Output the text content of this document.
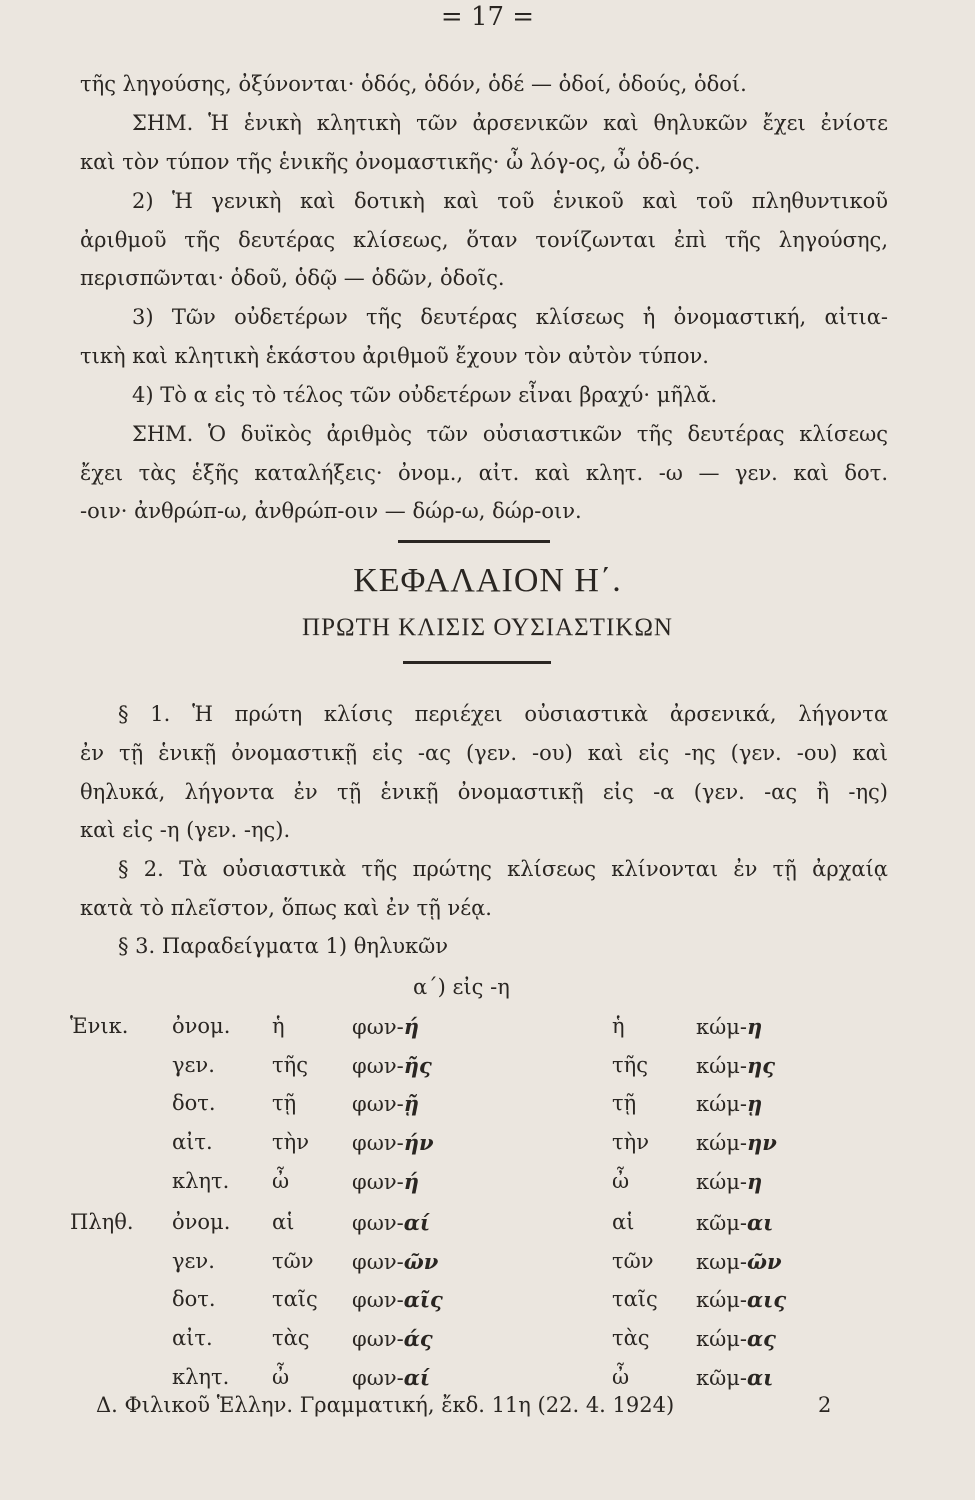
= 17 =
τῆς ληγούσης, ὀξύνονται· ὁδός, ὁδόν, ὁδέ — ὁδοί, ὁδούς, ὁδοί.
ΣΗΜ. Ἡ ἑνικὴ κλητικὴ τῶν ἀρσενικῶν καὶ θηλυκῶν ἔχει ἐνίοτε
καὶ τὸν τύπον τῆς ἑνικῆς ὀνομαστικῆς· ὦ λόγ-ος, ὦ ὁδ-ός.
2) Ἡ γενικὴ καὶ δοτικὴ καὶ τοῦ ἑνικοῦ καὶ τοῦ πληθυντικοῦ
ἀριθμοῦ τῆς δευτέρας κλίσεως, ὅταν τονίζωνται ἐπὶ τῆς ληγούσης,
περισπῶνται· ὁδοῦ, ὁδῷ — ὁδῶν, ὁδοῖς.
3) Τῶν οὐδετέρων τῆς δευτέρας κλίσεως ἡ ὀνομαστική, αἰτια-
τικὴ καὶ κλητικὴ ἑκάστου ἀριθμοῦ ἔχουν τὸν αὐτὸν τύπον.
4) Τὸ α εἰς τὸ τέλος τῶν οὐδετέρων εἶναι βραχύ· μῆλᾰ.
ΣΗΜ. Ὁ δυϊκὸς ἀριθμὸς τῶν οὐσιαστικῶν τῆς δευτέρας κλίσεως
ἔχει τὰς ἑξῆς καταλήξεις· ὀνομ., αἰτ. καὶ κλητ. -ω — γεν. καὶ δοτ.
-οιν· ἀνθρώπ-ω, ἀνθρώπ-οιν — δώρ-ω, δώρ-οιν.
ΚΕΦΑΛΑΙΟΝ Η΄.
ΠΡΩΤΗ ΚΛΙΣΙΣ ΟΥΣΙΑΣΤΙΚΩΝ
§ 1. Ἡ πρώτη κλίσις περιέχει οὐσιαστικὰ ἀρσενικά, λήγοντα
ἐν τῇ ἑνικῇ ὀνομαστικῇ εἰς -ας (γεν. -ου) καὶ εἰς -ης (γεν. -ου) καὶ
θηλυκά, λήγοντα ἐν τῇ ἑνικῇ ὀνομαστικῇ εἰς -α (γεν. -ας ἢ -ης)
καὶ εἰς -η (γεν. -ης).
§ 2. Τὰ οὐσιαστικὰ τῆς πρώτης κλίσεως κλίνονται ἐν τῇ ἀρχαίᾳ
κατὰ τὸ πλεῖστον, ὅπως καὶ ἐν τῇ νέᾳ.
§ 3. Παραδείγματα 1) θηλυκῶν
α΄) εἰς -η
Ἑνικ. ὀνομ. ἡ	φων-ή	ἡ	κώμ-η
γεν.	τῆς φων-ῆς	τῆς κώμ-ης
δοτ.	τῇ	φων-ῇ	τῇ	κώμ-ῃ
αἰτ.	τὴν φων-ήν	τὴν κώμ-ην
κλητ. ὦ	φων-ή	ὦ	κώμ-η
Πληθ. ὀνομ. αἱ	φων-αί	αἱ	κῶμ-αι
γεν.	τῶν φων-ῶν	τῶν κωμ-ῶν
δοτ.	ταῖς φων-αῖς	ταῖς κώμ-αις
αἰτ.	τὰς φων-άς	τὰς κώμ-ας
κλητ. ὦ	φων-αί	ὦ	κῶμ-αι
Δ. Φιλικοῦ Ἑλλην. Γραμματική, ἔκδ. 11η (22. 4. 1924)	2
